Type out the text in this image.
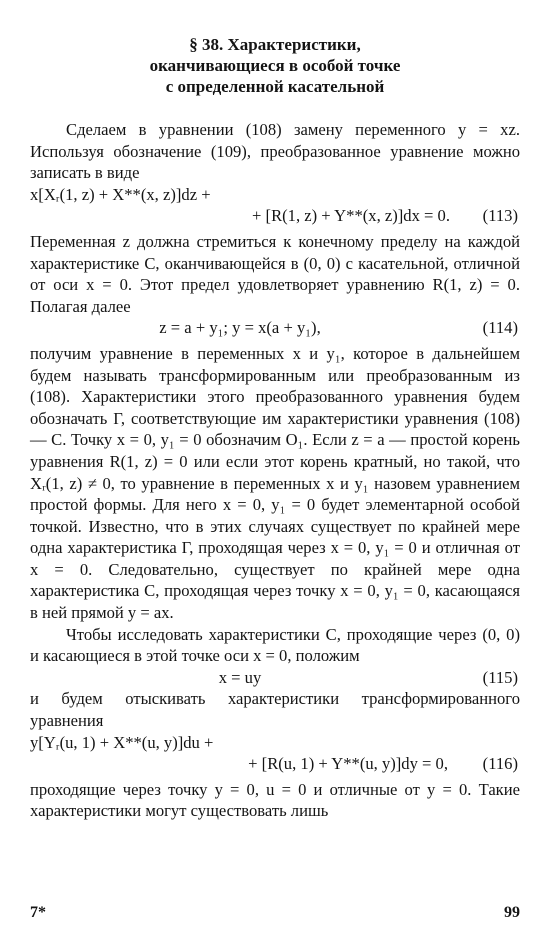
§ 38. Характеристики,
оканчивающиеся в особой точке
с определенной касательной

Сделаем в уравнении (108) замену переменного y = xz. Используя обозначение (109), преобразованное уравнение можно записать в виде

x[Xᵣ(1, z) + X**(x, z)]dz +
+ [R(1, z) + Y**(x, z)]dx = 0. (113)

Переменная z должна стремиться к конечному пределу на каждой характеристике C, оканчивающейся в (0, 0) с касательной, отличной от оси x = 0. Этот предел удовлетворяет уравнению R(1, z) = 0. Полагая далее

z = a + y₁; y = x(a + y₁),	(114)

получим уравнение в переменных x и y₁, которое в дальнейшем будем называть трансформированным или преобразованным из (108). Характеристики этого преобразованного уравнения будем обозначать Γ, соответствующие им характеристики уравнения (108) — C. Точку x = 0, y₁ = 0 обозначим O₁. Если z = a — простой корень уравнения R(1, z) = 0 или если этот корень кратный, но такой, что Xᵣ(1, z) ≠ 0, то уравнение в переменных x и y₁ назовем уравнением простой формы. Для него x = 0, y₁ = 0 будет элементарной особой точкой. Известно, что в этих случаях существует по крайней мере одна характеристика Γ, проходящая через x = 0, y₁ = 0 и отличная от x = 0. Следовательно, существует по крайней мере одна характеристика C, проходящая через точку x = 0, y₁ = 0, касающаяся в ней прямой y = ax.

Чтобы исследовать характеристики C, проходящие через (0, 0) и касающиеся в этой точке оси x = 0, положим

x = uy	(115)

и будем отыскивать характеристики трансформированного уравнения

y[Yᵣ(u, 1) + X**(u, y)]du +
+ [R(u, 1) + Y**(u, y)]dy = 0, (116)

проходящие через точку y = 0, u = 0 и отличные от y = 0. Такие характеристики могут существовать лишь

7*	99
